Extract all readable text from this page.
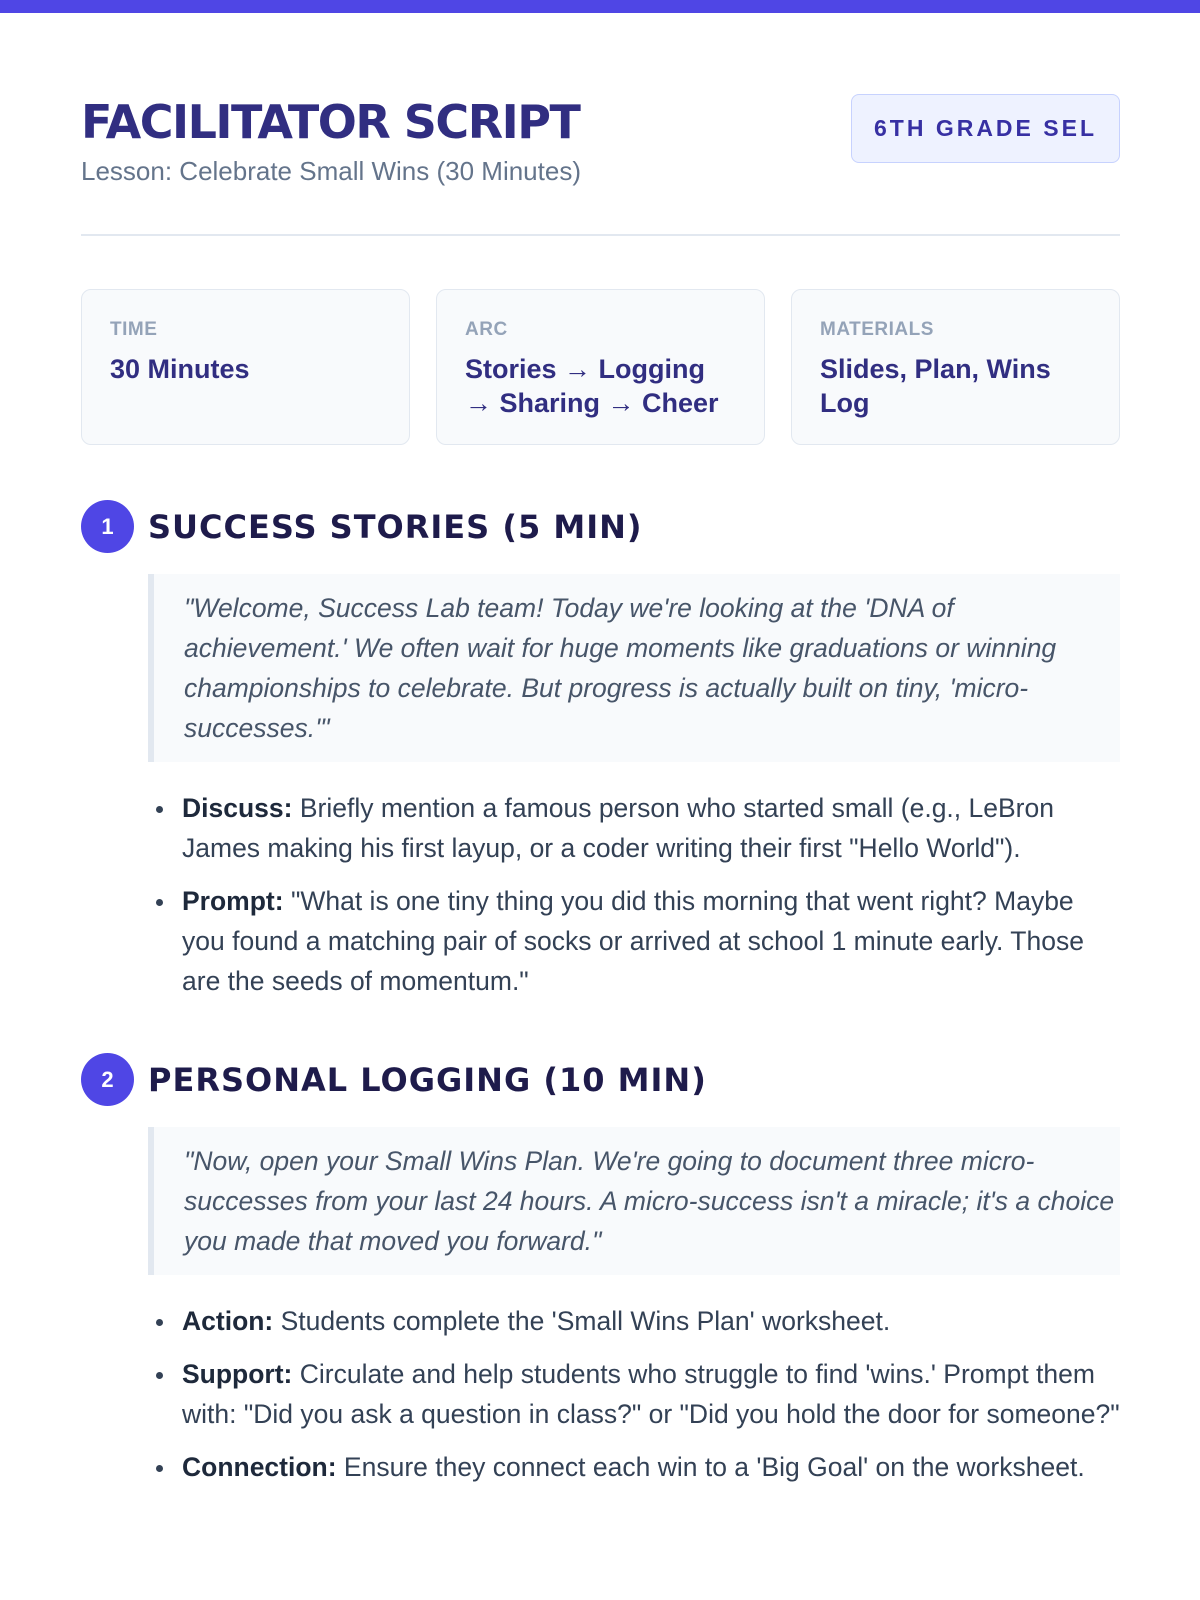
FACILITATOR SCRIPT
Lesson: Celebrate Small Wins (30 Minutes)
6TH GRADE SEL
TIME
30 Minutes
ARC
Stories → Logging → Sharing → Cheer
MATERIALS
Slides, Plan, Wins Log
1	SUCCESS STORIES (5 MIN)
"Welcome, Success Lab team! Today we're looking at the 'DNA of achievement.' We often wait for huge moments like graduations or winning championships to celebrate. But progress is actually built on tiny, 'micro-successes.'"
Discuss: Briefly mention a famous person who started small (e.g., LeBron James making his first layup, or a coder writing their first "Hello World").
Prompt: "What is one tiny thing you did this morning that went right? Maybe you found a matching pair of socks or arrived at school 1 minute early. Those are the seeds of momentum."
2	PERSONAL LOGGING (10 MIN)
"Now, open your Small Wins Plan. We're going to document three micro-successes from your last 24 hours. A micro-success isn't a miracle; it's a choice you made that moved you forward."
Action: Students complete the 'Small Wins Plan' worksheet.
Support: Circulate and help students who struggle to find 'wins.' Prompt them with: "Did you ask a question in class?" or "Did you hold the door for someone?"
Connection: Ensure they connect each win to a 'Big Goal' on the worksheet.
